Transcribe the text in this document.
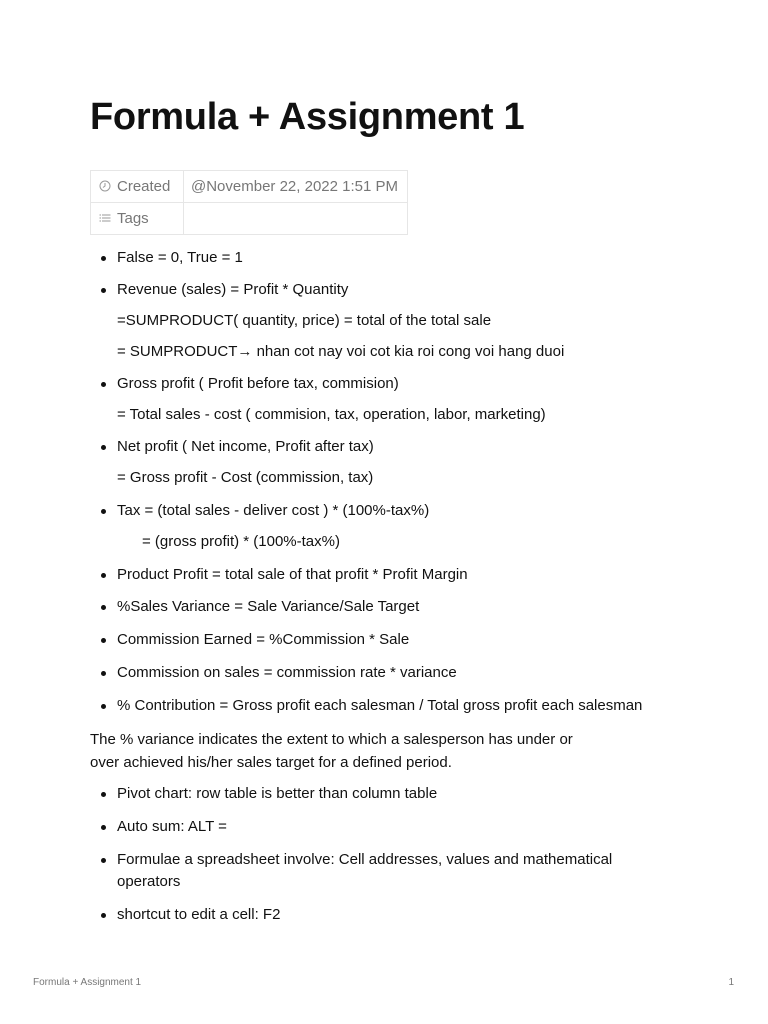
Formula + Assignment 1
Created	@November 22, 2022 1:51 PM
Tags	
False = 0, True = 1
Revenue (sales) = Profit * Quantity
=SUMPRODUCT( quantity, price) = total of the total sale
= SUMPRODUCT→ nhan cot nay voi cot kia roi cong voi hang duoi
Gross profit ( Profit before tax, commision)
= Total sales - cost ( commision, tax, operation, labor, marketing)
Net profit ( Net income, Profit after tax)
= Gross profit - Cost (commission, tax)
Tax = (total sales - deliver cost ) * (100%-tax%)
= (gross profit) * (100%-tax%)
Product Profit = total sale of that profit * Profit Margin
%Sales Variance = Sale Variance/Sale Target
Commission Earned = %Commission * Sale
Commission on sales = commission rate * variance
% Contribution = Gross profit each salesman / Total gross profit each salesman

The % variance indicates the extent to which a salesperson has under or over achieved his/her sales target for a defined period.

Pivot chart: row table is better than column table
Auto sum: ALT =
Formulae a spreadsheet involve: Cell addresses, values and mathematical operators
shortcut to edit a cell: F2
Formula + Assignment 1	1
